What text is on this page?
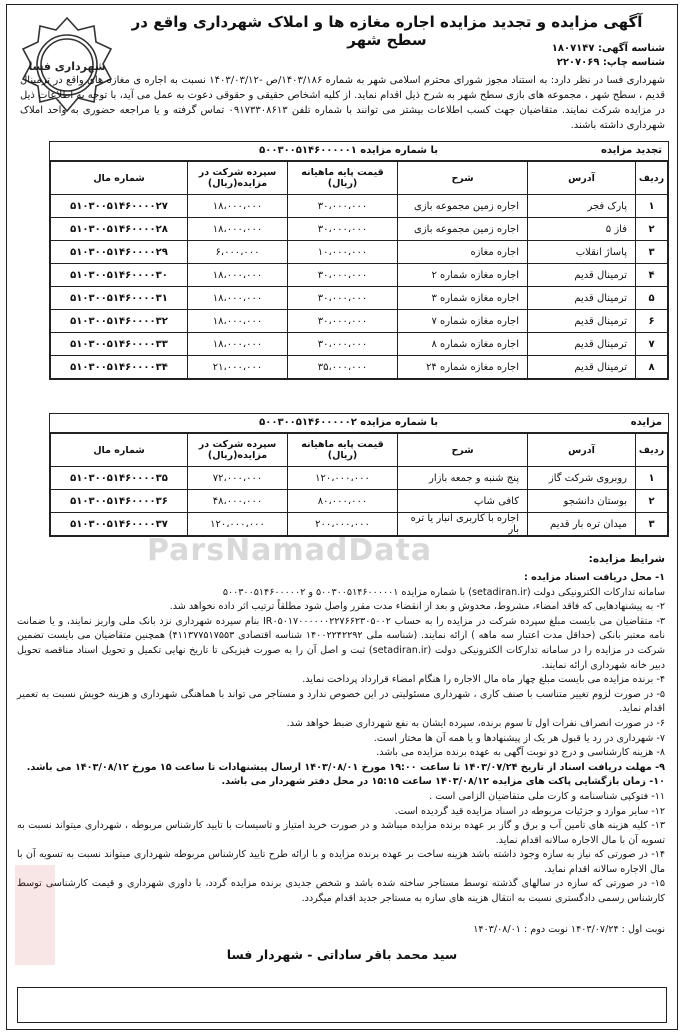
شهرداری فسا
آگهی مزایده و تجدید مزایده اجاره مغازه ها و املاک شهرداری واقع در سطح شهر	شناسه آگهی: ۱۸۰۷۱۴۷
شناسه چاپ: ۲۲۰۷۰۶۹

شهرداری فسا در نظر دارد: به استناد مجوز شورای محترم اسلامی شهر به شماره ۱۴۰۳/۱۸۶/ص -۱۴۰۳/۰۳/۱۲ نسبت به اجاره ی مغازه های واقع در ترمینال قدیم ، سطح شهر ، مجموعه های بازی سطح شهر به شرح ذیل اقدام نماید. از کلیه اشخاص حقیقی و حقوقی دعوت به عمل می آید، با توجه به اطلاعات ذیل در مزایده شرکت نمایند. متقاضیان جهت کسب اطلاعات بیشتر می توانند با شماره تلفن ۰۹۱۷۳۳۰۸۶۱۳ تماس گرفته و یا مراجعه حضوری به واحد املاک شهرداری داشته باشند.

تجدید مزایده
با شماره مزایده ۵۰۰۳۰۰۵۱۴۶۰۰۰۰۰۱
ردیف	آدرس	شرح	قیمت پایه ماهیانه (ریال)	سپرده شرکت در مزایده(ریال)	شماره مال
۱	پارک فجر	اجاره زمین مجموعه بازی	۳۰،۰۰۰،۰۰۰	۱۸،۰۰۰،۰۰۰	۵۱۰۳۰۰۵۱۴۶۰۰۰۰۲۷
۲	فاز ۵	اجاره زمین مجموعه بازی	۳۰،۰۰۰،۰۰۰	۱۸،۰۰۰،۰۰۰	۵۱۰۳۰۰۵۱۴۶۰۰۰۰۲۸
۳	پاساژ انقلاب	اجاره مغازه	۱۰،۰۰۰،۰۰۰	۶،۰۰۰،۰۰۰	۵۱۰۳۰۰۵۱۴۶۰۰۰۰۲۹
۴	ترمینال قدیم	اجاره مغازه شماره ۲	۳۰،۰۰۰،۰۰۰	۱۸،۰۰۰،۰۰۰	۵۱۰۳۰۰۵۱۴۶۰۰۰۰۳۰
۵	ترمینال قدیم	اجاره مغازه شماره ۳	۳۰،۰۰۰،۰۰۰	۱۸،۰۰۰،۰۰۰	۵۱۰۳۰۰۵۱۴۶۰۰۰۰۳۱
۶	ترمینال قدیم	اجاره مغازه شماره ۷	۳۰،۰۰۰،۰۰۰	۱۸،۰۰۰،۰۰۰	۵۱۰۳۰۰۵۱۴۶۰۰۰۰۳۲
۷	ترمینال قدیم	اجاره مغازه شماره ۸	۳۰،۰۰۰،۰۰۰	۱۸،۰۰۰،۰۰۰	۵۱۰۳۰۰۵۱۴۶۰۰۰۰۳۳
۸	ترمینال قدیم	اجاره مغازه شماره ۲۴	۳۵،۰۰۰،۰۰۰	۲۱،۰۰۰،۰۰۰	۵۱۰۳۰۰۵۱۴۶۰۰۰۰۳۴
مزایده
با شماره مزایده ۵۰۰۳۰۰۵۱۴۶۰۰۰۰۰۲
ردیف	آدرس	شرح	قیمت پایه ماهیانه (ریال)	سپرده شرکت در مزایده(ریال)	شماره مال
۱	روبروی شرکت گاز	پنج شنبه و جمعه بازار	۱۲۰،۰۰۰،۰۰۰	۷۲،۰۰۰،۰۰۰	۵۱۰۳۰۰۵۱۴۶۰۰۰۰۳۵
۲	بوستان دانشجو	کافی شاپ	۸۰،۰۰۰،۰۰۰	۴۸،۰۰۰،۰۰۰	۵۱۰۳۰۰۵۱۴۶۰۰۰۰۳۶
۳	میدان تره بار قدیم	اجاره با کاربری انبار یا تره بار	۲۰۰،۰۰۰،۰۰۰	۱۲۰،۰۰۰،۰۰۰	۵۱۰۳۰۰۵۱۴۶۰۰۰۰۳۷
ParsNamadData	شرایط مزایده:
۱- محل دریافت اسناد مزایده :
سامانه تدارکات الکترونیکی دولت (setadiran.ir) با شماره مزایده ۵۰۰۳۰۰۵۱۴۶۰۰۰۰۰۱ و ۵۰۰۳۰۰۵۱۴۶۰۰۰۰۰۲
۲- به پیشنهادهایی که فاقد امضاء، مشروط، مخدوش و بعد از انقضاء مدت مقرر واصل شود مطلقاً ترتیب اثر داده نخواهد شد.
۳- متقاضیان می بایست مبلغ سپرده شرکت در مزایده را به حساب IR۰۵۰۱۷۰۰۰۰۰۰۲۲۷۶۶۲۳۰۵۰۰۲ بنام سپرده شهرداری نزد بانک ملی واریز نمایند، و یا ضمانت نامه معتبر بانکی (حداقل مدت اعتبار سه ماهه ) ارائه نمایند. (شناسه ملی ۱۴۰۰۲۲۴۲۲۹۲ شناسه اقتصادی ۴۱۱۳۷۷۵۱۷۵۵۳) همچنین متقاضیان می بایست تضمین شرکت در مزایده را در سامانه تدارکات الکترونیکی دولت (setadiran.ir) ثبت و اصل آن را به صورت فیزیکی تا تاریخ نهایی تکمیل و تحویل اسناد مناقصه تحویل دبیر خانه شهرداری ارائه نمایند.
۴- برنده مزایده می بایست مبلغ چهار ماه مال الاجاره را هنگام امضاء قرارداد پرداخت نماید.
۵- در صورت لزوم تغییر متناسب با صنف کاری ، شهرداری مسئولیتی در این خصوص ندارد و مستاجر می تواند با هماهنگی شهرداری و هزینه خویش نسبت به تعمیر اقدام نماید.
۶- در صورت انصراف نفرات اول تا سوم برنده، سپرده ایشان به نفع شهرداری ضبط خواهد شد.
۷- شهرداری در رد یا قبول هر یک از پیشنهادها و یا همه آن ها مختار است.
۸- هزینه کارشناسی و درج دو نوبت آگهی به عهده برنده مزایده می باشد.
۹- مهلت دریافت اسناد از تاریخ ۱۴۰۳/۰۷/۲۴ تا ساعت ۱۹:۰۰ مورخ ۱۴۰۳/۰۸/۰۱ ارسال پیشنهادات تا ساعت ۱۵ مورخ ۱۴۰۳/۰۸/۱۲ می باشد.
۱۰- زمان بازگشایی پاکت های مزایده ۱۴۰۳/۰۸/۱۲ ساعت ۱۵:۱۵ در محل دفتر شهردار می باشد.
۱۱- فتوکپی شناسنامه و کارت ملی متقاضیان الزامی است .
۱۲- سایر موارد و جزئیات مربوطه در اسناد مزایده قید گردیده است.
۱۳- کلیه هزینه های تامین آب و برق و گاز بر عهده برنده مزایده میباشد و در صورت خرید امتیاز و تاسیسات با تایید کارشناس مربوطه ، شهرداری میتواند نسبت به تسویه آن با مال الاجاره سالانه اقدام نماید.
۱۴- در صورتی که نیاز به سازه وجود داشته باشد هزینه ساخت بر عهده برنده مزایده و با ارائه طرح تایید کارشناس مربوطه شهرداری میتواند نسبت به تسویه آن با مال الاجاره سالانه اقدام نماید.
۱۵- در صورتی که سازه در سالهای گذشته توسط مستاجر ساخته شده باشد و شخص جدیدی برنده مزایده گردد، با داوری شهرداری و قیمت کارشناسی توسط کارشناس رسمی دادگستری نسبت به انتقال هزینه های سازه به مستاجر جدید اقدام میگردد.
نوبت اول : ۱۴۰۳/۰۷/۲۴ نوبت دوم : ۱۴۰۳/۰۸/۰۱
سید محمد باقر ساداتی - شهردار فسا
